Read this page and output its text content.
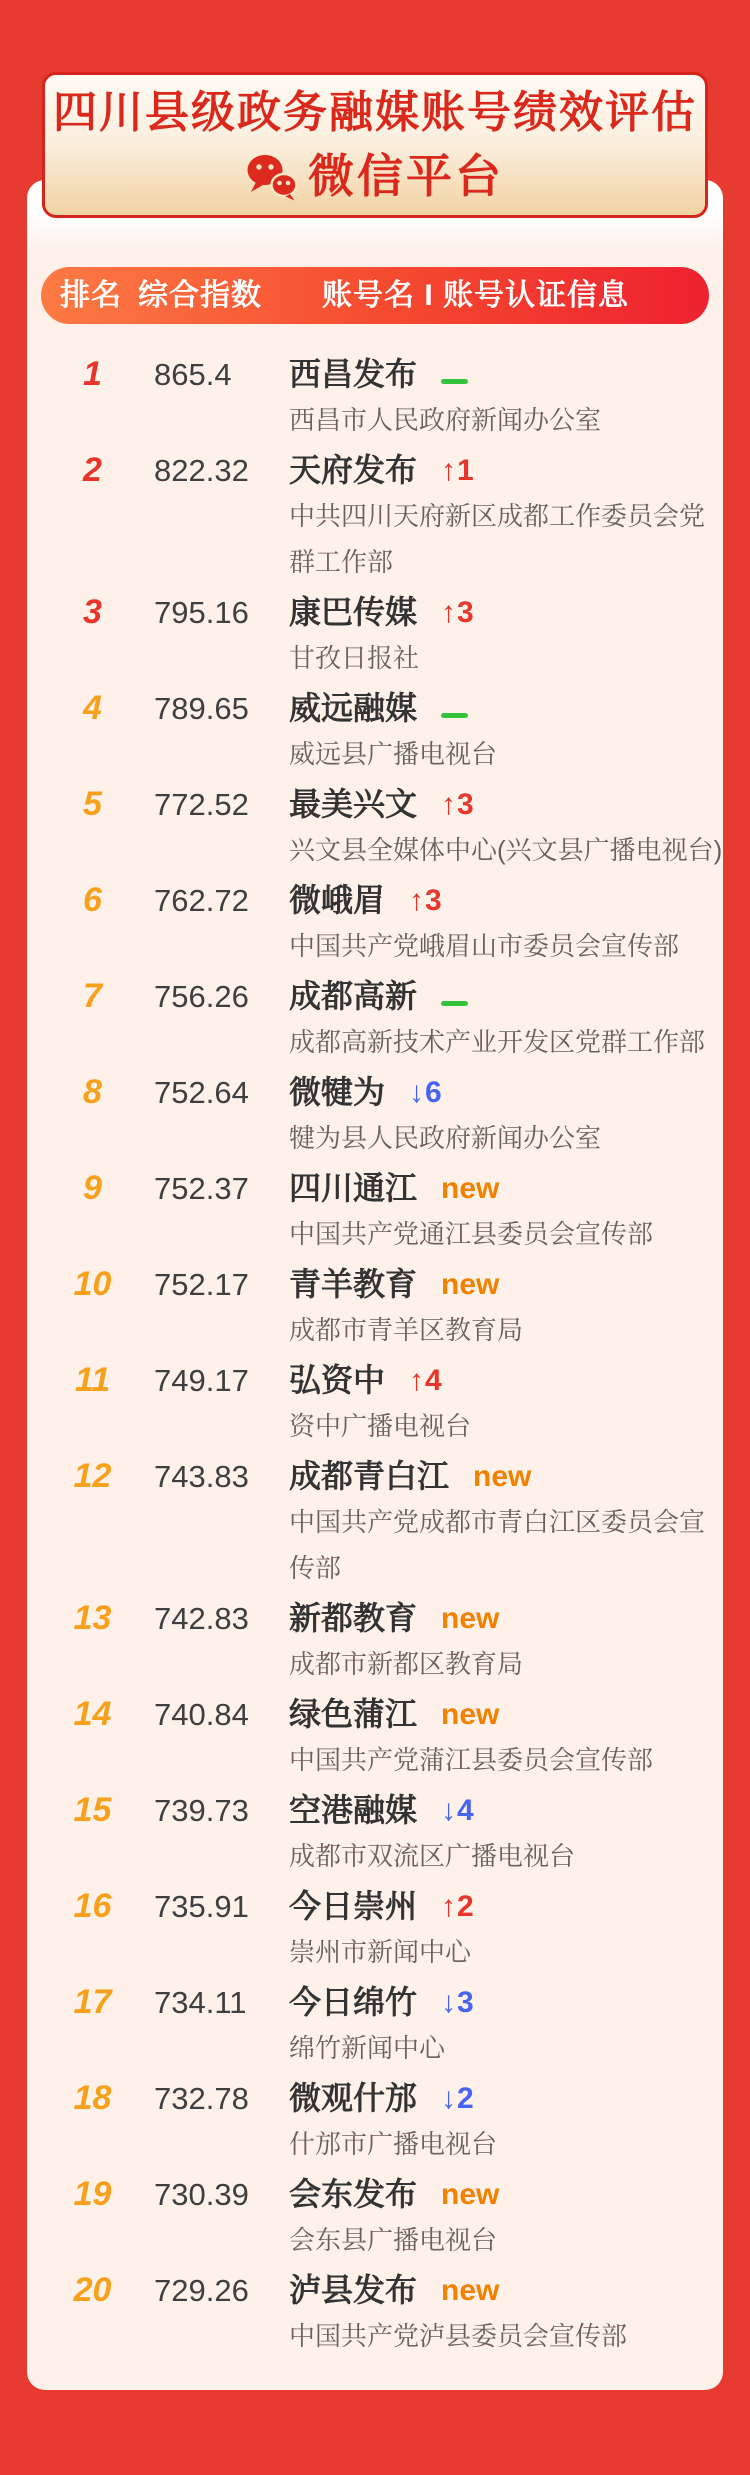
四川县级政务融媒账号绩效评估
微信平台
排名 综合指数 账号名 I 账号认证信息
1	865.4 西昌发布
西昌市人民政府新闻办公室
2	822.32 天府发布 ↑1
中共四川天府新区成都工作委员会党群工作部
3	795.16 康巴传媒 ↑3
甘孜日报社
4	789.65 威远融媒
威远县广播电视台
5	772.52 最美兴文 ↑3
兴文县全媒体中心(兴文县广播电视台)
6	762.72 微峨眉 ↑3
中国共产党峨眉山市委员会宣传部
7	756.26 成都高新
成都高新技术产业开发区党群工作部
8	752.64 微犍为 ↓6
犍为县人民政府新闻办公室
9	752.37 四川通江 new
中国共产党通江县委员会宣传部
10	752.17 青羊教育 new
成都市青羊区教育局
11	749.17 弘资中 ↑4
资中广播电视台
12	743.83 成都青白江 new
中国共产党成都市青白江区委员会宣传部
13	742.83 新都教育 new
成都市新都区教育局
14	740.84 绿色蒲江 new
中国共产党蒲江县委员会宣传部
15	739.73 空港融媒 ↓4
成都市双流区广播电视台
16	735.91 今日崇州 ↑2
崇州市新闻中心
17	734.11 今日绵竹 ↓3
绵竹新闻中心
18	732.78 微观什邡 ↓2
什邡市广播电视台
19	730.39 会东发布 new
会东县广播电视台
20	729.26 泸县发布 new
中国共产党泸县委员会宣传部
